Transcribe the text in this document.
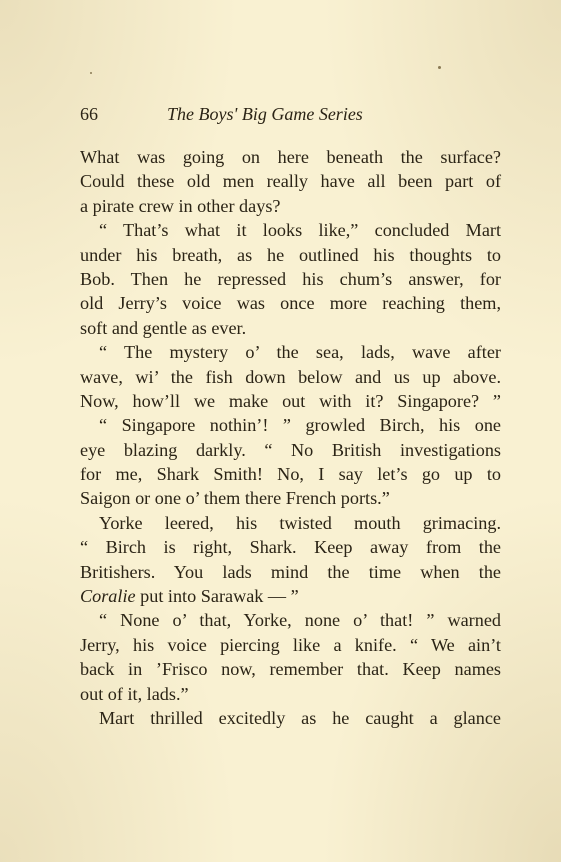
66	The Boys' Big Game Series
What was going on here beneath the surface?
Could these old men really have all been part of
a pirate crew in other days?
“ That’s what it looks like,” concluded Mart
under his breath, as he outlined his thoughts to
Bob. Then he repressed his chum’s answer, for
old Jerry’s voice was once more reaching them,
soft and gentle as ever.
“ The mystery o’ the sea, lads, wave after
wave, wi’ the fish down below and us up above.
Now, how’ll we make out with it? Singapore? ”
“ Singapore nothin’! ” growled Birch, his one
eye blazing darkly. “ No British investigations
for me, Shark Smith! No, I say let’s go up to
Saigon or one o’ them there French ports.”
Yorke leered, his twisted mouth grimacing.
“ Birch is right, Shark. Keep away from the
Britishers. You lads mind the time when the
Coralie put into Sarawak — ”
“ None o’ that, Yorke, none o’ that! ” warned
Jerry, his voice piercing like a knife. “ We ain’t
back in ’Frisco now, remember that. Keep names
out of it, lads.”
Mart thrilled excitedly as he caught a glance
